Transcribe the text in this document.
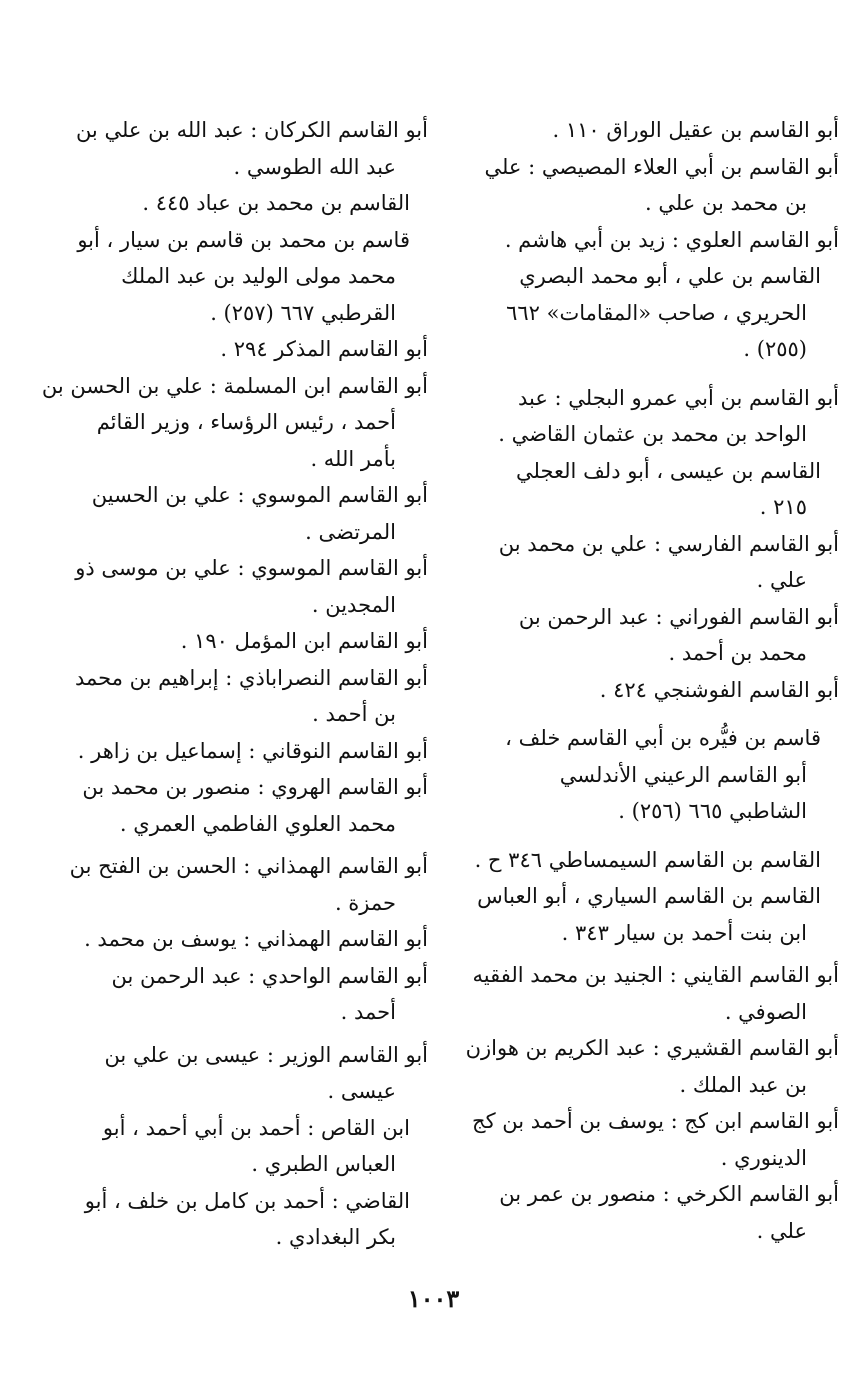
أبو القاسم بن عقيل الوراق ١١٠ .
أبو القاسم بن أبي العلاء المصيصي : علي
بن محمد بن علي .
أبو القاسم العلوي : زيد بن أبي هاشم .
القاسم بن علي ، أبو محمد البصري
الحريري ، صاحب «المقامات» ٦٦٢
(٢٥٥) .
أبو القاسم بن أبي عمرو البجلي : عبد
الواحد بن محمد بن عثمان القاضي .
القاسم بن عيسى ، أبو دلف العجلي
٢١٥ .
أبو القاسم الفارسي : علي بن محمد بن
علي .
أبو القاسم الفوراني : عبد الرحمن بن
محمد بن أحمد .
أبو القاسم الفوشنجي ٤٢٤ .
قاسم بن فيُّره بن أبي القاسم خلف ،
أبو القاسم الرعيني الأندلسي
الشاطبي ٦٦٥ (٢٥٦) .
القاسم بن القاسم السيمساطي ٣٤٦ ح .
القاسم بن القاسم السياري ، أبو العباس
ابن بنت أحمد بن سيار ٣٤٣ .
أبو القاسم القايني : الجنيد بن محمد الفقيه
الصوفي .
أبو القاسم القشيري : عبد الكريم بن هوازن
بن عبد الملك .
أبو القاسم ابن كج : يوسف بن أحمد بن كج
الدينوري .
أبو القاسم الكرخي : منصور بن عمر بن
علي .
أبو القاسم الكركان : عبد الله بن علي بن
عبد الله الطوسي .
القاسم بن محمد بن عباد ٤٤٥ .
قاسم بن محمد بن قاسم بن سيار ، أبو
محمد مولى الوليد بن عبد الملك
القرطبي ٦٦٧ (٢٥٧) .
أبو القاسم المذكر ٢٩٤ .
أبو القاسم ابن المسلمة : علي بن الحسن بن
أحمد ، رئيس الرؤساء ، وزير القائم
بأمر الله .
أبو القاسم الموسوي : علي بن الحسين
المرتضى .
أبو القاسم الموسوي : علي بن موسى ذو
المجدين .
أبو القاسم ابن المؤمل ١٩٠ .
أبو القاسم النصراباذي : إبراهيم بن محمد
بن أحمد .
أبو القاسم النوقاني : إسماعيل بن زاهر .
أبو القاسم الهروي : منصور بن محمد بن
محمد العلوي الفاطمي العمري .
أبو القاسم الهمذاني : الحسن بن الفتح بن
حمزة .
أبو القاسم الهمذاني : يوسف بن محمد .
أبو القاسم الواحدي : عبد الرحمن بن
أحمد .
أبو القاسم الوزير : عيسى بن علي بن
عيسى .
ابن القاص : أحمد بن أبي أحمد ، أبو
العباس الطبري .
القاضي : أحمد بن كامل بن خلف ، أبو
بكر البغدادي .
١٠٠٣
